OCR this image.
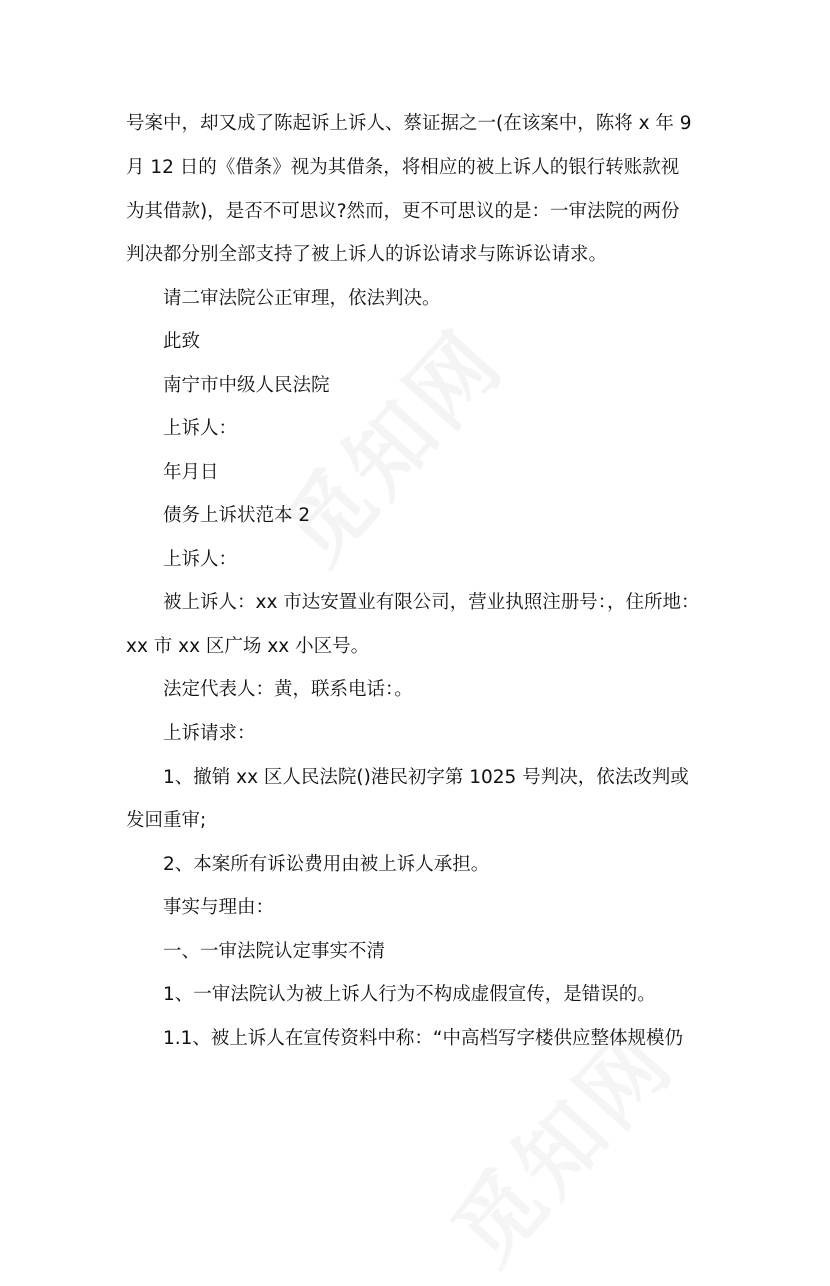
号案中，却又成了陈起诉上诉人、蔡证据之一(在该案中，陈将 x 年 9
月 12 日的《借条》视为其借条，将相应的被上诉人的银行转账款视
为其借款)，是否不可思议?然而，更不可思议的是：一审法院的两份
判决都分别全部支持了被上诉人的诉讼请求与陈诉讼请求。
请二审法院公正审理，依法判决。
此致
南宁市中级人民法院
上诉人：
年月日
债务上诉状范本 2
上诉人：
被上诉人：xx 市达安置业有限公司，营业执照注册号：，住所地：
xx 市 xx 区广场 xx 小区号。
法定代表人：黄，联系电话：。
上诉请求：
1、撤销 xx 区人民法院()港民初字第 1025 号判决，依法改判或
发回重审;
2、本案所有诉讼费用由被上诉人承担。
事实与理由：
一、一审法院认定事实不清
1、一审法院认为被上诉人行为不构成虚假宣传，是错误的。
1.1、被上诉人在宣传资料中称：“中高档写字楼供应整体规模仍
